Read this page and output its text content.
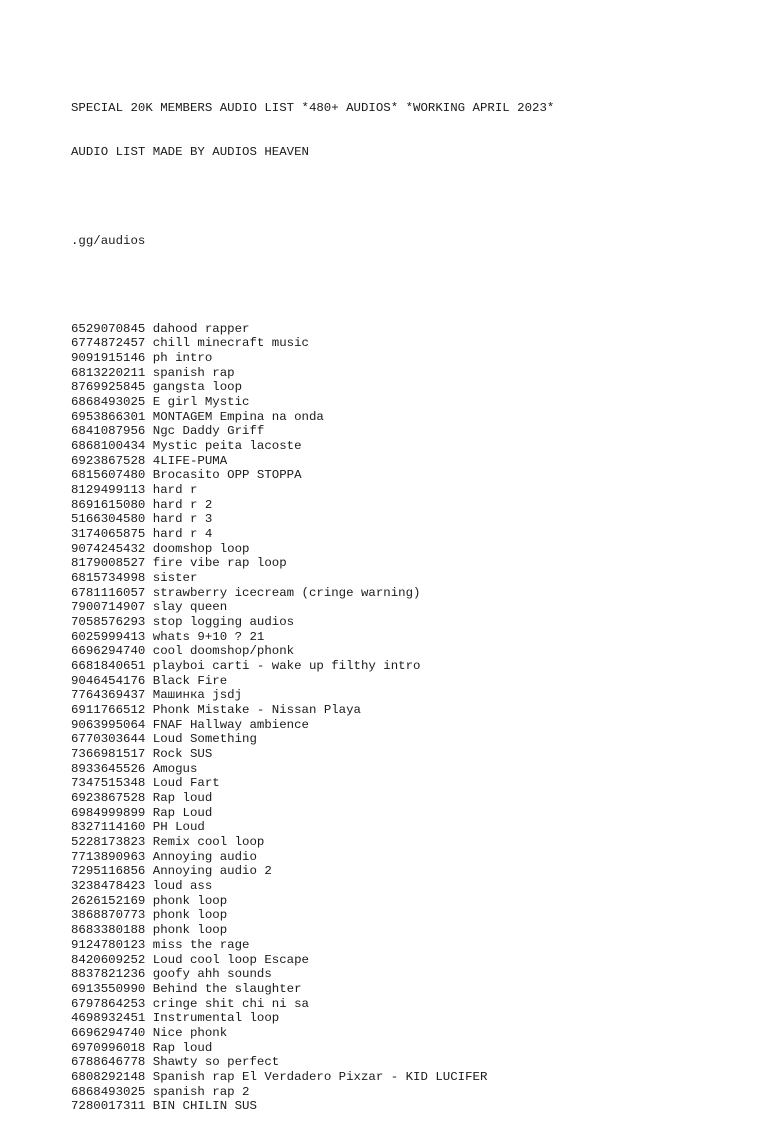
SPECIAL 20K MEMBERS AUDIO LIST *480+ AUDIOS* *WORKING APRIL 2023*

AUDIO LIST MADE BY AUDIOS HEAVEN

.gg/audios

6529070845 dahood rapper
6774872457 chill minecraft music
9091915146 ph intro
6813220211 spanish rap
8769925845 gangsta loop
6868493025 E girl Mystic
6953866301 MONTAGEM Empina na onda
6841087956 Ngc Daddy Griff
6868100434 Mystic peita lacoste
6923867528 4LIFE-PUMA
6815607480 Brocasito OPP STOPPA
8129499113 hard r
8691615080 hard r 2
5166304580 hard r 3
3174065875 hard r 4
9074245432 doomshop loop
8179008527 fire vibe rap loop
6815734998 sister
6781116057 strawberry icecream (cringe warning)
7900714907 slay queen
7058576293 stop logging audios
6025999413 whats 9+10 ? 21
6696294740 cool doomshop/phonk
6681840651 playboi carti - wake up filthy intro
9046454176 Black Fire
7764369437 Машинка jsdj
6911766512 Phonk Mistake - Nissan Playa
9063995064 FNAF Hallway ambience
6770303644 Loud Something
7366981517 Rock SUS
8933645526 Amogus
7347515348 Loud Fart
6923867528 Rap loud
6984999899 Rap Loud
8327114160 PH Loud
5228173823 Remix cool loop
7713890963 Annoying audio
7295116856 Annoying audio 2
3238478423 loud ass
2626152169 phonk loop
3868870773 phonk loop
8683380188 phonk loop
9124780123 miss the rage
8420609252 Loud cool loop Escape
8837821236 goofy ahh sounds
6913550990 Behind the slaughter
6797864253 cringe shit chi ni sa
4698932451 Instrumental loop
6696294740 Nice phonk
6970996018 Rap loud
6788646778 Shawty so perfect
6808292148 Spanish rap El Verdadero Pixzar - KID LUCIFER
6868493025 spanish rap 2
7280017311 BIN CHILIN SUS
